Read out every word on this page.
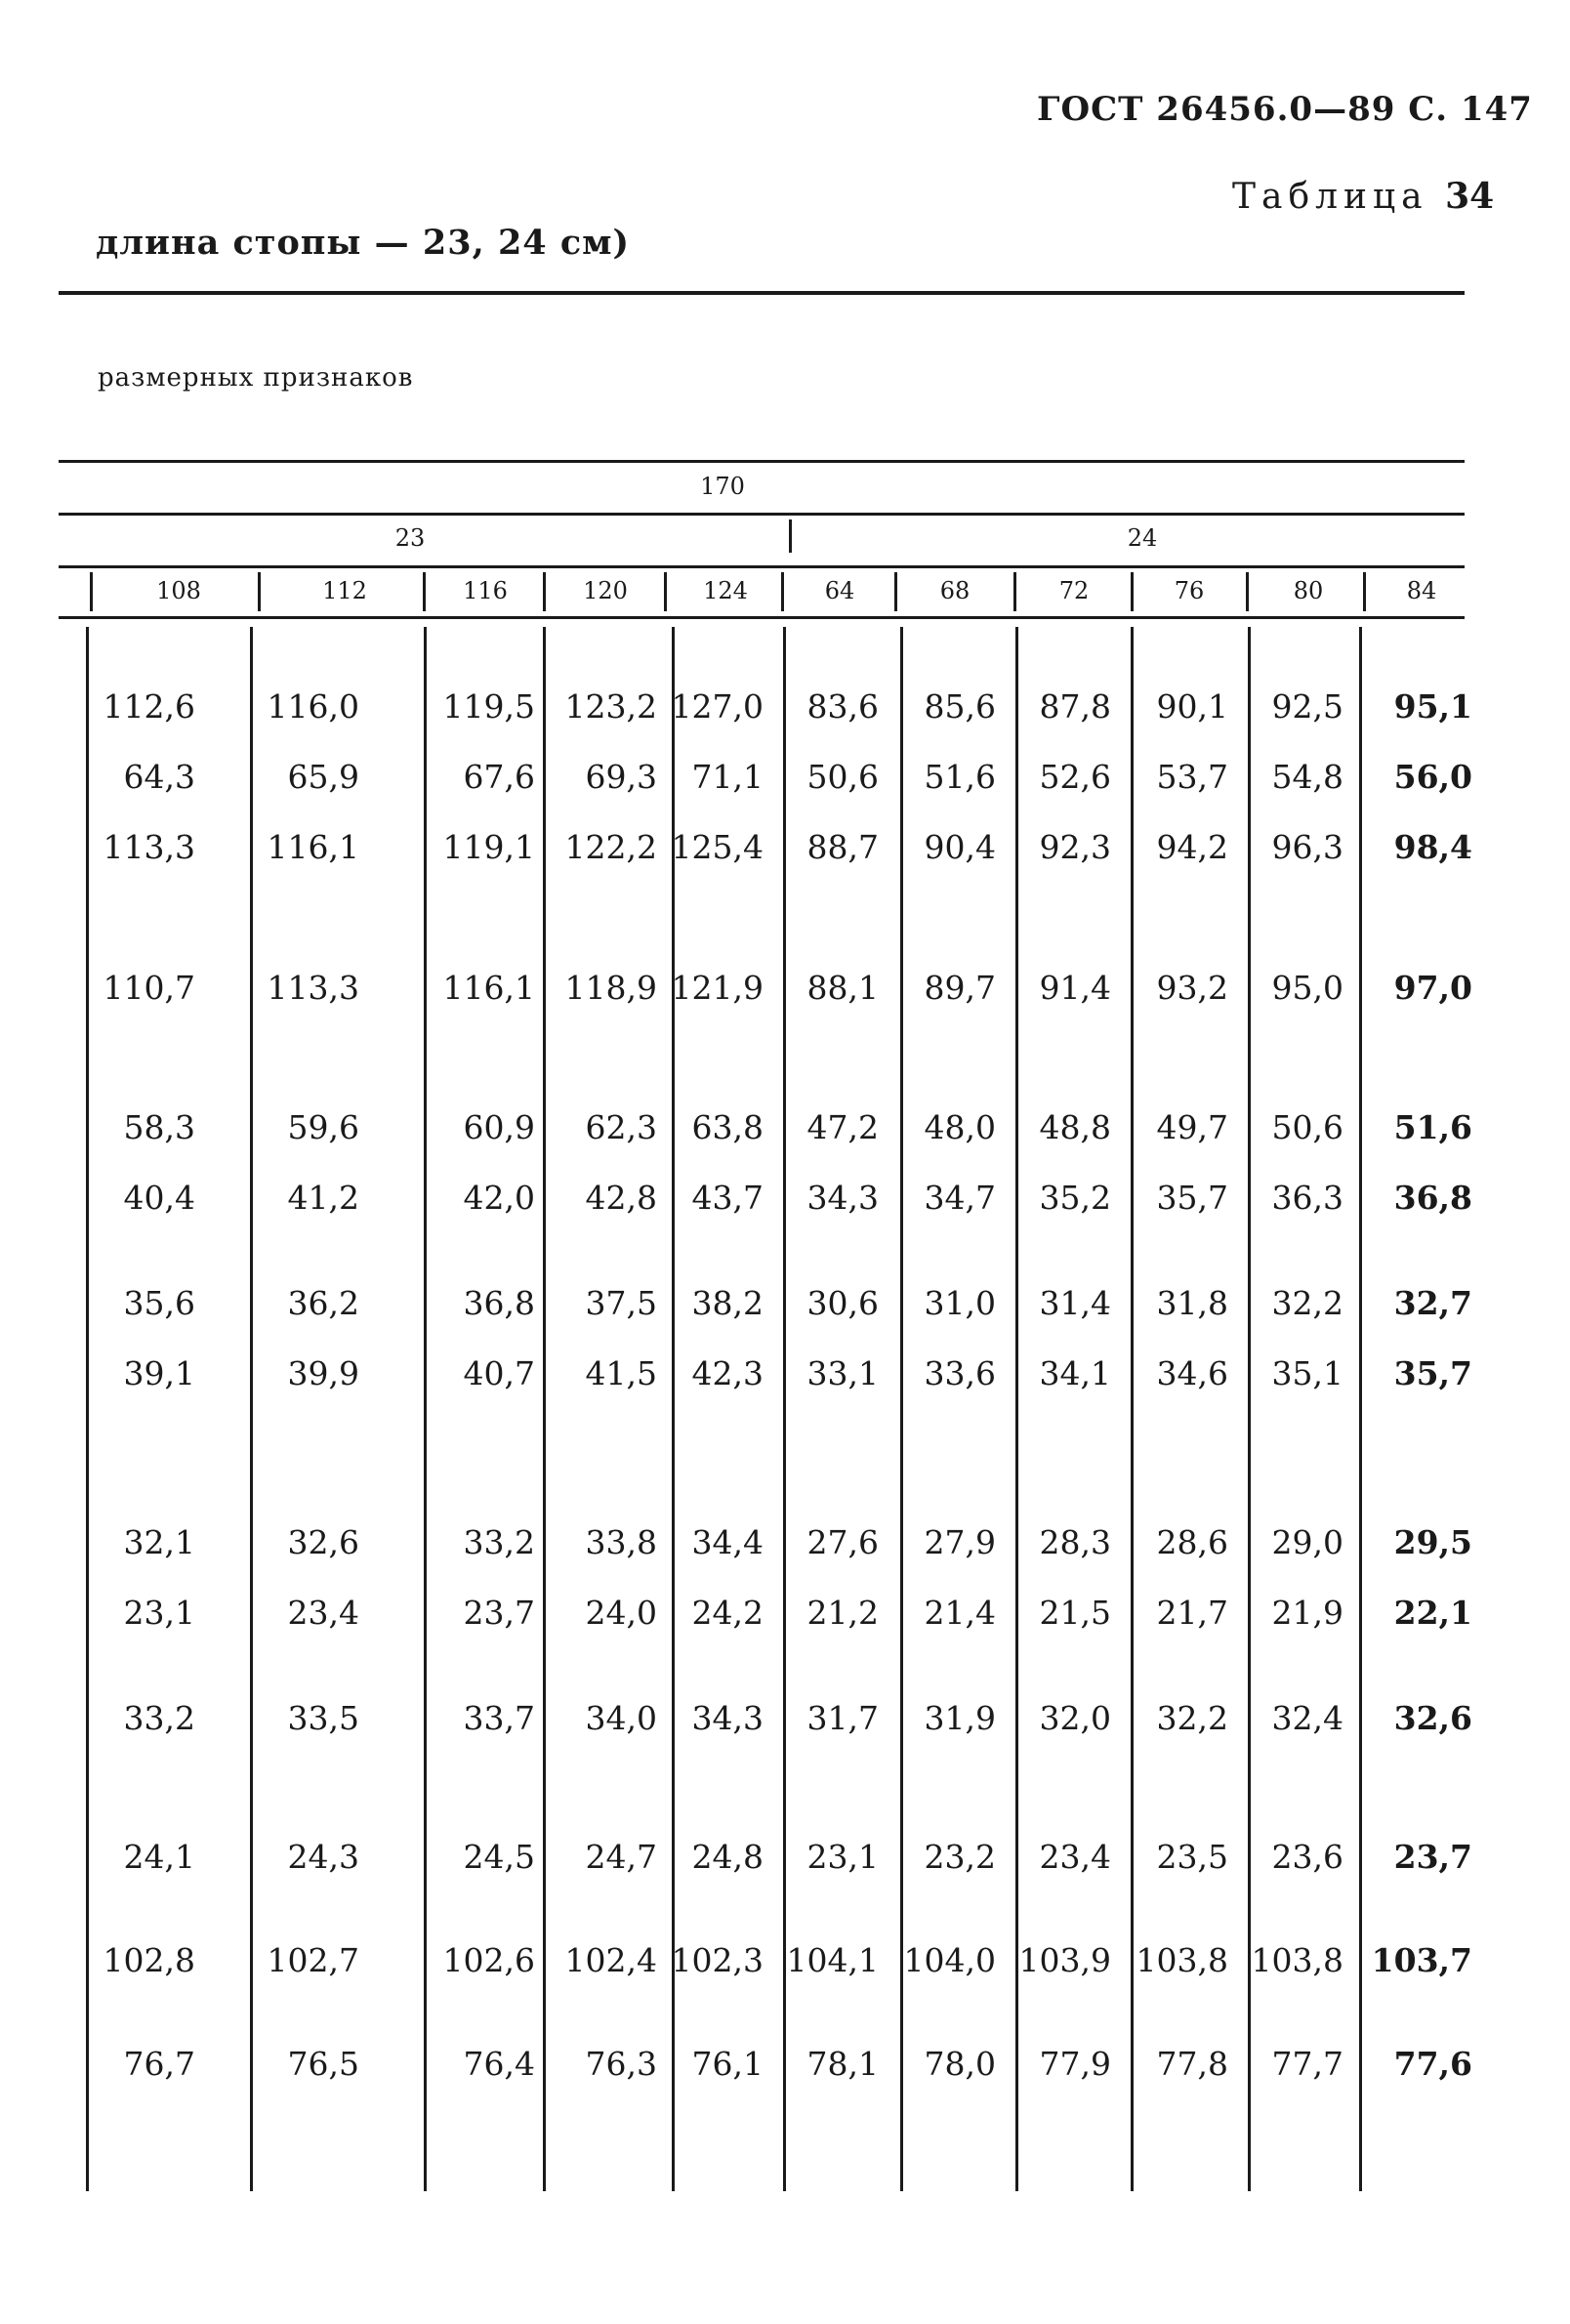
ГОСТ 26456.0—89 С. 147
Таблица 34
длина стопы — 23, 24 см)
размерных признаков
170
23	24
108	112	116	120	124	64	68	72	76	80	84
112,6	116,0	119,5 123,2 127,0	83,6	85,6	87,8	90,1	92,5	95,1
64,3	65,9	67,6	69,3	71,1	50,6	51,6	52,6	53,7	54,8	56,0
113,3	116,1	119,1 122,2 125,4	88,7	90,4	92,3	94,2	96,3	98,4
110,7	113,3	116,1 118,9 121,9	88,1	89,7	91,4	93,2	95,0	97,0
58,3	59,6	60,9	62,3	63,8	47,2	48,0	48,8	49,7	50,6	51,6
40,4	41,2	42,0	42,8	43,7	34,3	34,7	35,2	35,7	36,3	36,8
35,6	36,2	36,8	37,5	38,2	30,6	31,0	31,4	31,8	32,2	32,7
39,1	39,9	40,7	41,5	42,3	33,1	33,6	34,1	34,6	35,1	35,7
32,1	32,6	33,2	33,8	34,4	27,6	27,9	28,3	28,6	29,0	29,5
23,1	23,4	23,7	24,0	24,2	21,2	21,4	21,5	21,7	21,9	22,1
33,2	33,5	33,7	34,0	34,3	31,7	31,9	32,0	32,2	32,4	32,6
24,1	24,3	24,5	24,7	24,8	23,1	23,2	23,4	23,5	23,6	23,7
102,8	102,7	102,6 102,4 102,3 104,1 104,0 103,9 103,8 103,8 103,7
76,7	76,5	76,4	76,3	76,1	78,1	78,0	77,9	77,8	77,7	77,6
